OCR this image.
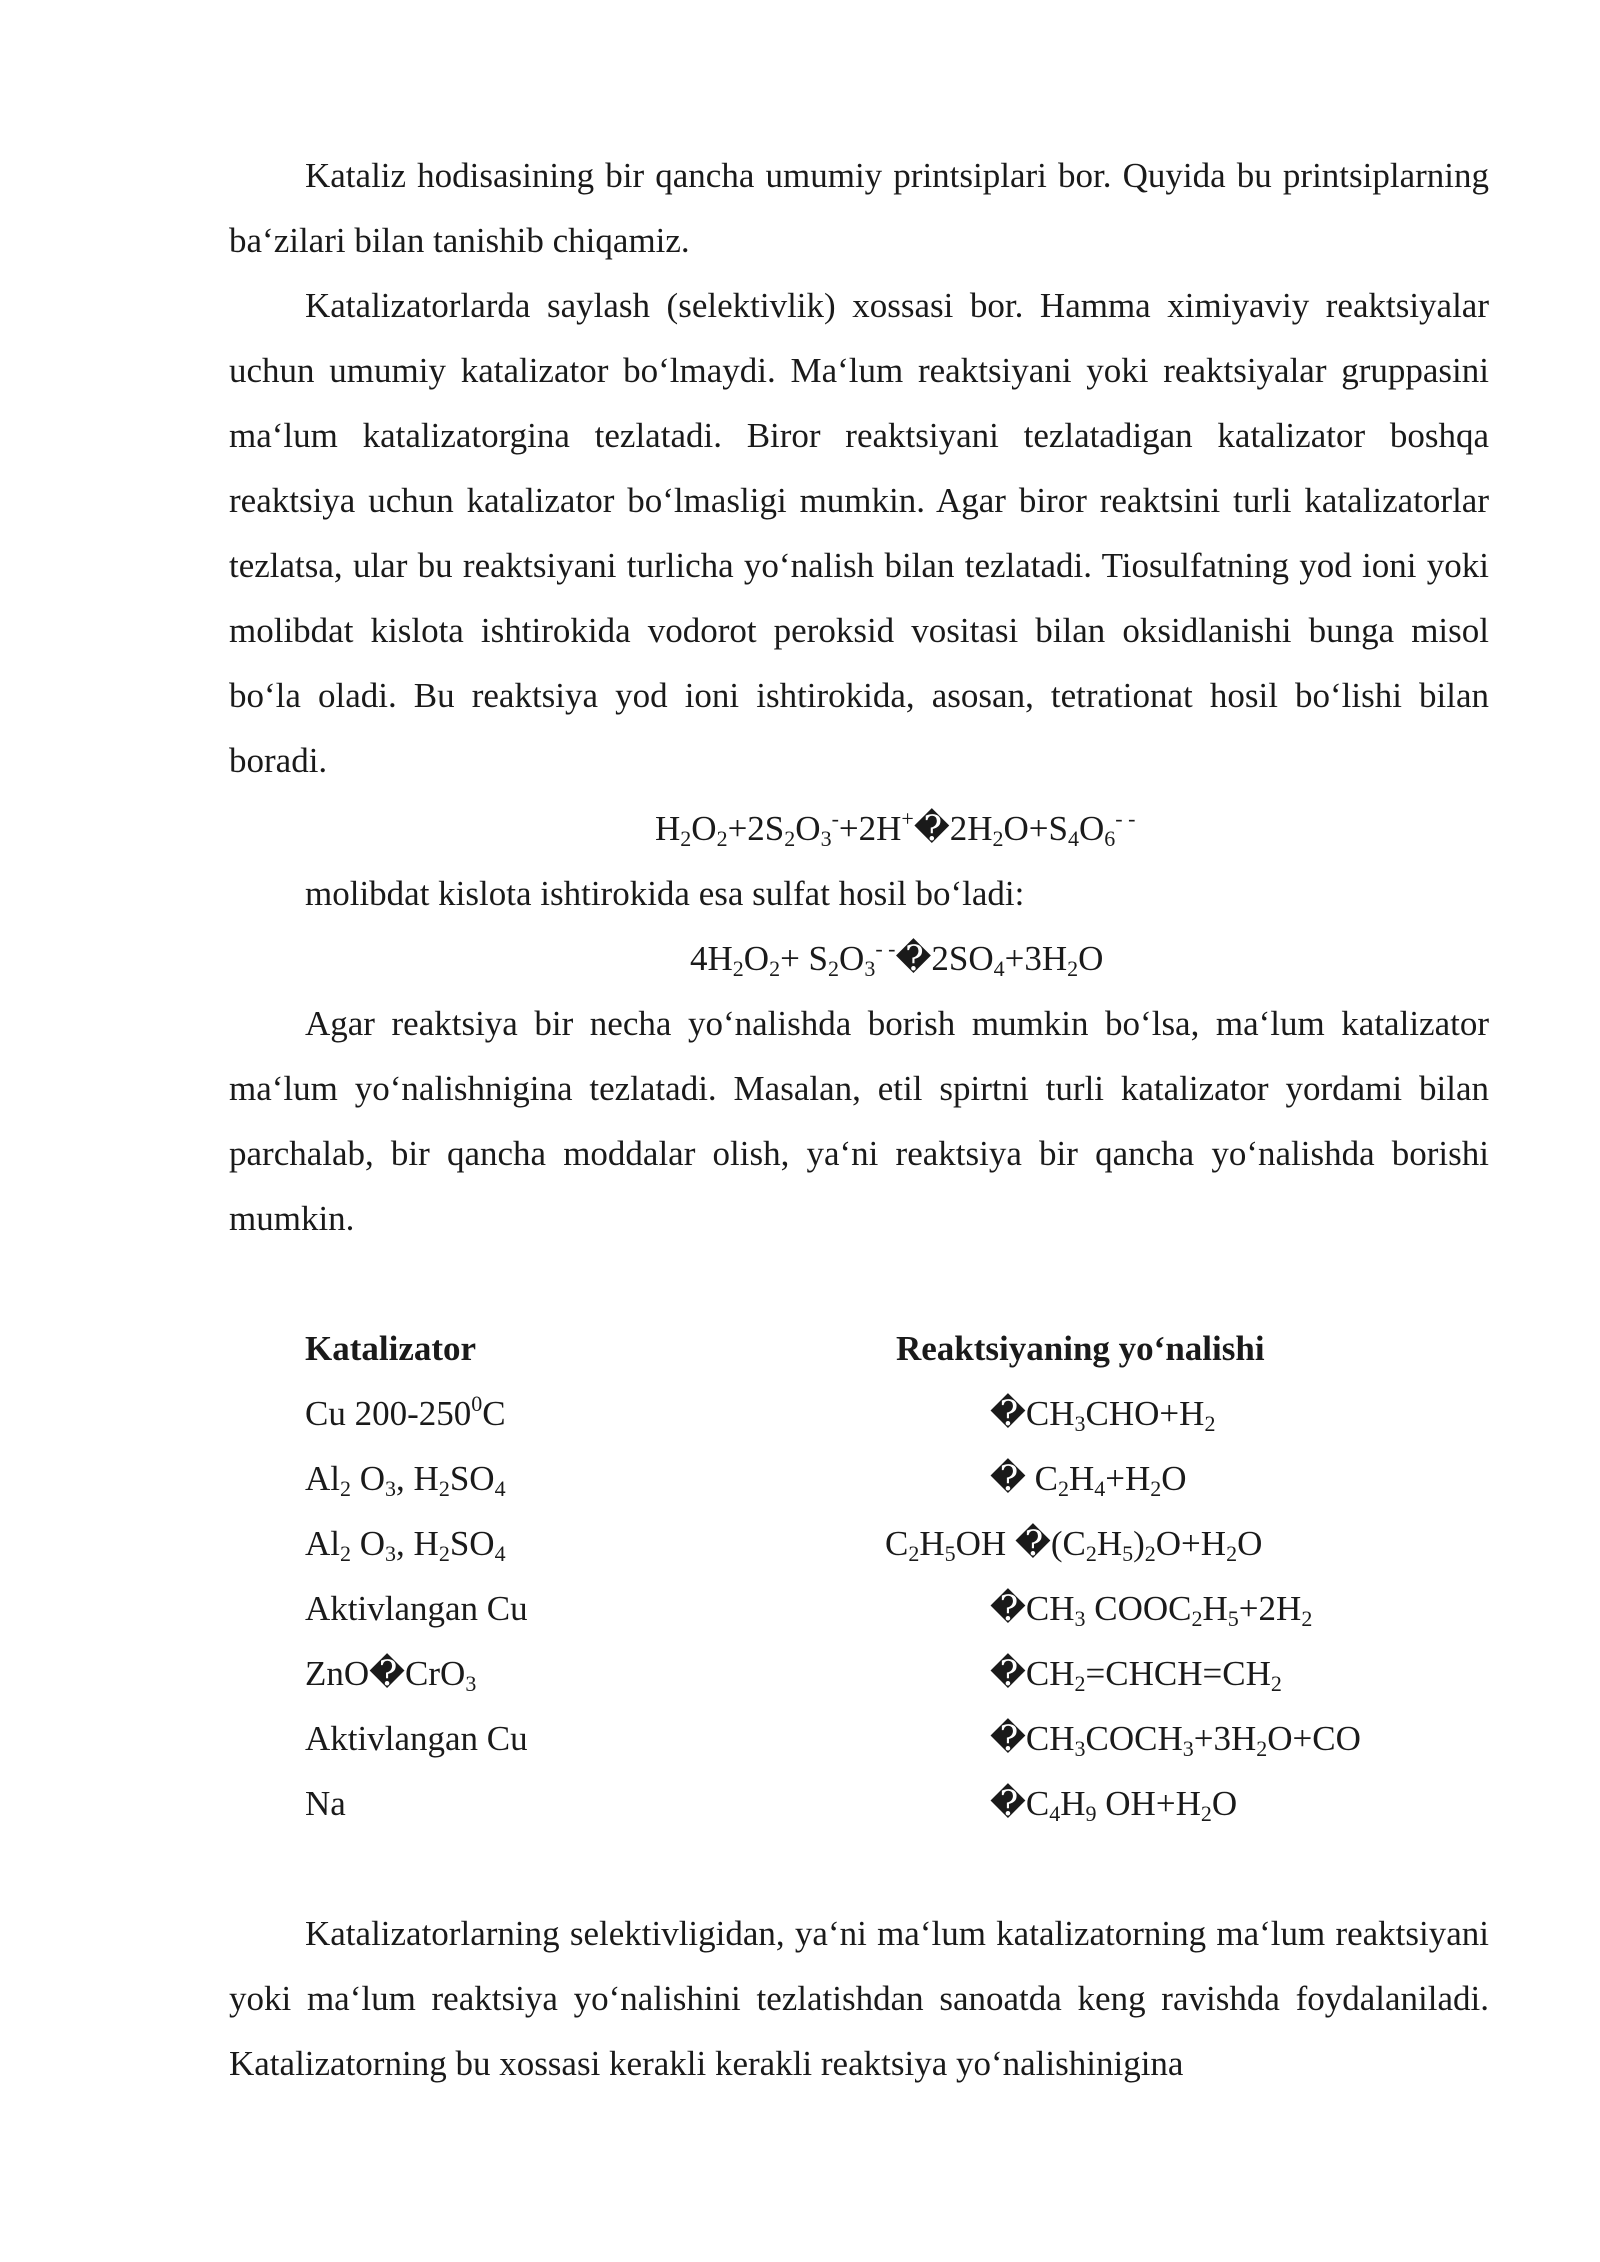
Kataliz hodisasining bir qancha umumiy printsiplari bor. Quyida bu printsiplarning ba‘zilari bilan tanishib chiqamiz.

Katalizatorlarda saylash (selektivlik) xossasi bor. Hamma ximiyaviy reaktsiyalar uchun umumiy katalizator bo‘lmaydi. Ma‘lum reaktsiyani yoki reaktsiyalar gruppasini ma‘lum katalizatorgina tezlatadi. Biror reaktsiyani tezlatadigan katalizator boshqa reaktsiya uchun katalizator bo‘lmasligi mumkin. Agar biror reaktsini turli katalizatorlar tezlatsa, ular bu reaktsiyani turlicha yo‘nalish bilan tezlatadi. Tiosulfatning yod ioni yoki molibdat kislota ishtirokida vodorot peroksid vositasi bilan oksidlanishi bunga misol bo‘la oladi. Bu reaktsiya yod ioni ishtirokida, asosan, tetrationat hosil bo‘lishi bilan boradi.

$H_2O_2+2S_2O_3^-+2H^+�2H_2O+S_4O_6^{- -}$
molibdat kislota ishtirokida esa sulfat hosil bo‘ladi:
$4H_2O_2+$ $S_2O_3^{- -}�2SO_4+3H_2O$

Agar reaktsiya bir necha yo‘nalishda borish mumkin bo‘lsa, ma‘lum katalizator ma‘lum yo‘nalishnigina tezlatadi. Masalan, etil spirtni turli katalizator yordami bilan parchalab, bir qancha moddalar olish, ya‘ni reaktsiya bir qancha yo‘nalishda borishi mumkin.

Katalizator	Reaktsiyaning yo‘nalishi
Cu $200-250^0C$	$�CH_3CHO+H_2$
$Al_2$ $O_3$, $H_2SO_4$	� $C_2H_4+H_2O$
$Al_2$ $O_3$, $H_2SO_4$	$C_2H_5OH$ $�(C_2H_5)_2O+H_2O$
Aktivlangan Cu	$�CH_3$ $COOC_2H_5+2H_2$
ZnO�CrO$_3$	$�CH_2=CHCH=CH_2$
Aktivlangan Cu	$�CH_3COCH_3+3H_2O+CO$
Na	$�C_4H_9$ $OH+H_2O$

Katalizatorlarning selektivligidan, ya‘ni ma‘lum katalizatorning ma‘lum reaktsiyani yoki ma‘lum reaktsiya yo‘nalishini tezlatishdan sanoatda keng ravishda foydalaniladi. Katalizatorning bu xossasi kerakli kerakli reaktsiya yo‘nalishinigina
